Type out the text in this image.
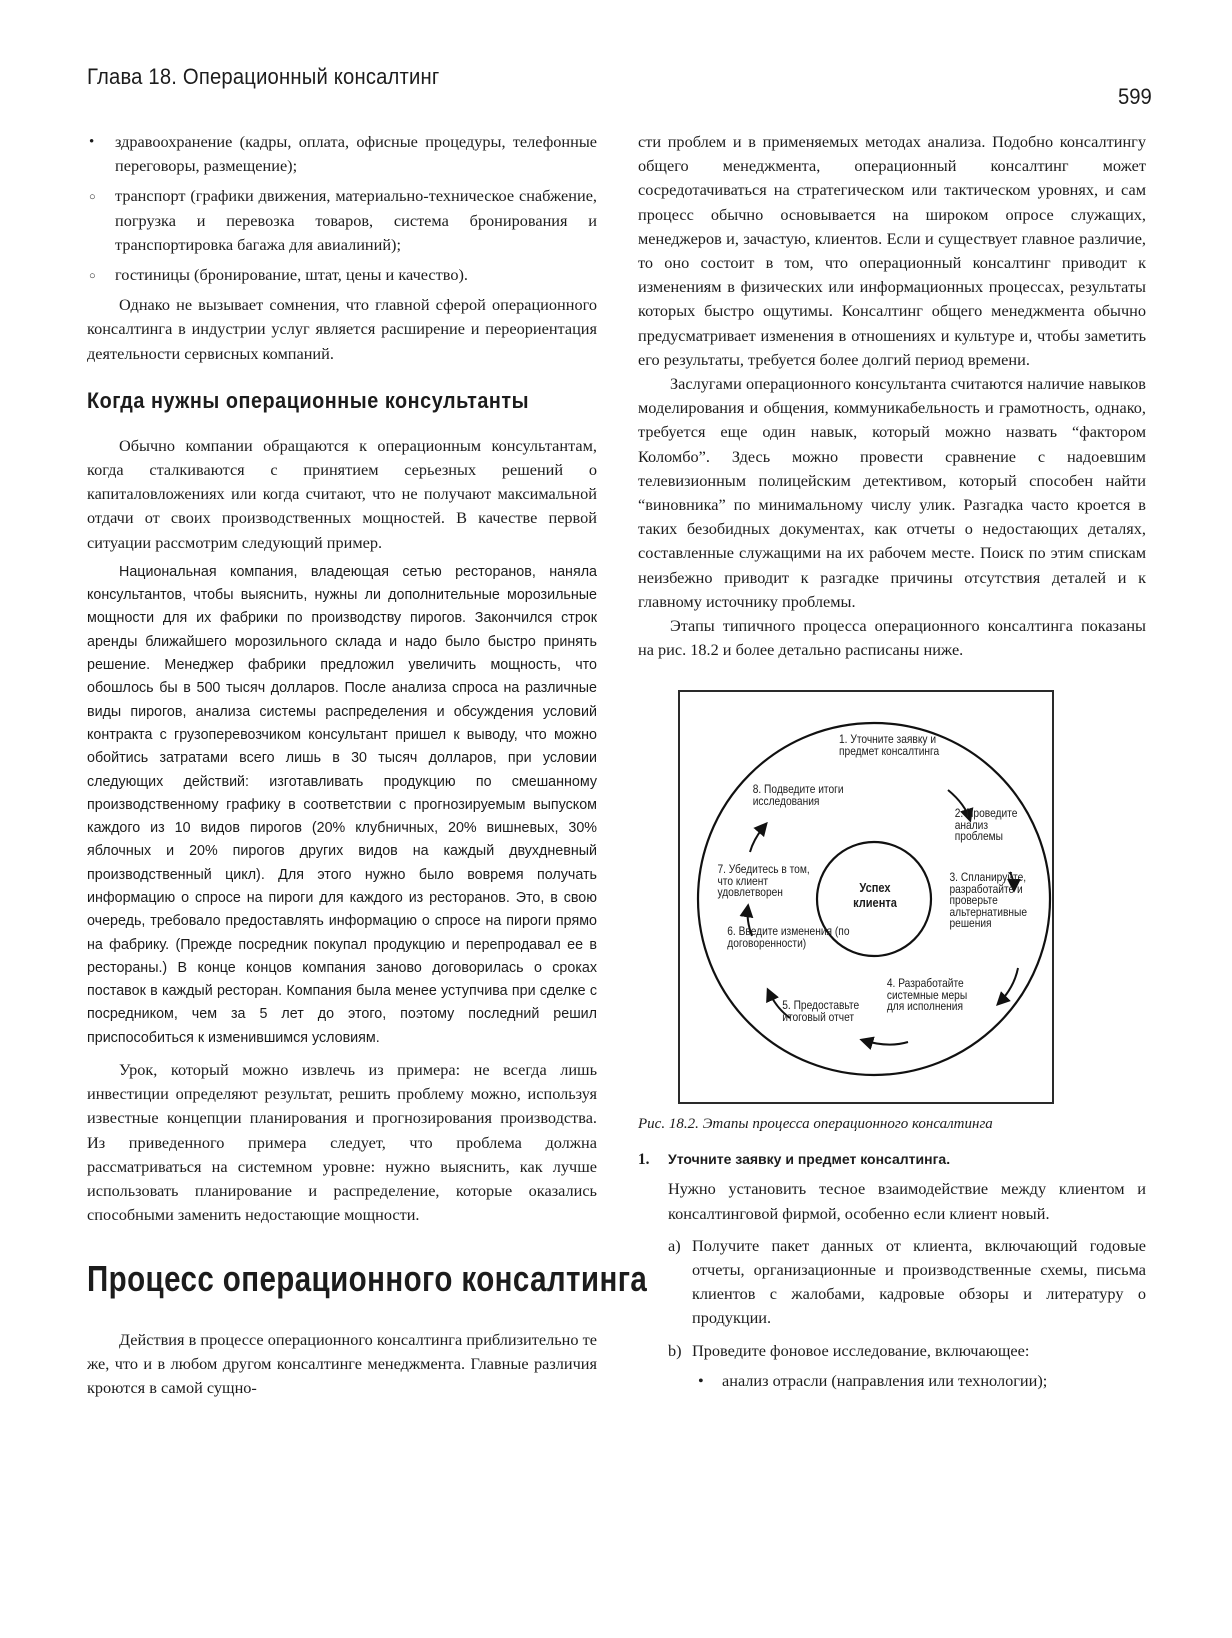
Глава 18. Операционный консалтинг
599
• здравоохранение (кадры, оплата, офисные процедуры, телефонные переговоры, размещение);
○ транспорт (графики движения, материально-техническое снабжение, погрузка и перевозка товаров, система бронирования и транспортировка багажа для авиалиний);
○ гостиницы (бронирование, штат, цены и качество).

Однако не вызывает сомнения, что главной сферой операционного консалтинга в индустрии услуг является расширение и переориентация деятельности сервисных компаний.

Когда нужны операционные консультанты

Обычно компании обращаются к операционным консультантам, когда сталкиваются с принятием серьезных решений о капиталовложениях или когда считают, что не получают максимальной отдачи от своих производственных мощностей. В качестве первой ситуации рассмотрим следующий пример.

Национальная компания, владеющая сетью ресторанов, наняла консультантов, чтобы выяснить, нужны ли дополнительные морозильные мощности для их фабрики по производству пирогов. Закончился строк аренды ближайшего морозильного склада и надо было быстро принять решение. Менеджер фабрики предложил увеличить мощность, что обошлось бы в 500 тысяч долларов. После анализа спроса на различные виды пирогов, анализа системы распределения и обсуждения условий контракта с грузоперевозчиком консультант пришел к выводу, что можно обойтись затратами всего лишь в 30 тысяч долларов, при условии следующих действий: изготавливать продукцию по смешанному производственному графику в соответствии с прогнозируемым выпуском каждого из 10 видов пирогов (20% клубничных, 20% вишневых, 30% яблочных и 20% пирогов других видов на каждый двухдневный производственный цикл). Для этого нужно было вовремя получать информацию о спросе на пироги для каждого из ресторанов. Это, в свою очередь, требовало предоставлять информацию о спросе на пироги прямо на фабрику. (Прежде посредник покупал продукцию и перепродавал ее в рестораны.) В конце концов компания заново договорилась о сроках поставок в каждый ресторан. Компания была менее уступчива при сделке с посредником, чем за 5 лет до этого, поэтому последний решил приспособиться к изменившимся условиям.

Урок, который можно извлечь из примера: не всегда лишь инвестиции определяют результат, решить проблему можно, используя известные концепции планирования и прогнозирования производства. Из приведенного примера следует, что проблема должна рассматриваться на системном уровне: нужно выяснить, как лучше использовать планирование и распределение, которые оказались способными заменить недостающие мощности.

Процесс операционного консалтинга

Действия в процессе операционного консалтинга приблизительно те же, что и в любом другом консалтинге менеджмента. Главные различия кроются в самой сущно-

сти проблем и в применяемых методах анализа. Подобно консалтингу общего менеджмента, операционный консалтинг может сосредотачиваться на стратегическом или тактическом уровнях, и сам процесс обычно основывается на широком опросе служащих, менеджеров и, зачастую, клиентов. Если и существует главное различие, то оно состоит в том, что операционный консалтинг приводит к изменениям в физических или информационных процессах, результаты которых быстро ощутимы. Консалтинг общего менеджмента обычно предусматривает изменения в отношениях и культуре и, чтобы заметить его результаты, требуется более долгий период времени.

Заслугами операционного консультанта считаются наличие навыков моделирования и общения, коммуникабельность и грамотность, однако, требуется еще один навык, который можно назвать “фактором Коломбо”. Здесь можно провести сравнение с надоевшим телевизионным полицейским детективом, который способен найти “виновника” по минимальному числу улик. Разгадка часто кроется в таких безобидных документах, как отчеты о недостающих деталях, составленные служащими на их рабочем месте. Поиск по этим спискам неизбежно приводит к разгадке причины отсутствия деталей и к главному источнику проблемы.

Этапы типичного процесса операционного консалтинга показаны на рис. 18.2 и более детально расписаны ниже.

Успех клиента
1. Уточните заявку и предмет консалтинга
2. Проведите анализ проблемы
3. Спланируйте, разработайте и проверьте альтернативные решения
4. Разработайте системные меры для исполнения
5. Предоставьте итоговый отчет
6. Введите изменения (по договоренности)
7. Убедитесь в том, что клиент удовлетворен
8. Подведите итоги исследования
Рис. 18.2. Этапы процесса операционного консалтинга
1.	Уточните заявку и предмет консалтинга.

Нужно установить тесное взаимодействие между клиентом и консалтинговой фирмой, особенно если клиент новый.

а) Получите пакет данных от клиента, включающий годовые отчеты, организационные и производственные схемы, письма клиентов с жалобами, кадровые обзоры и литературу о продукции.
b) Проведите фоновое исследование, включающее:
•	анализ отрасли (направления или технологии);
